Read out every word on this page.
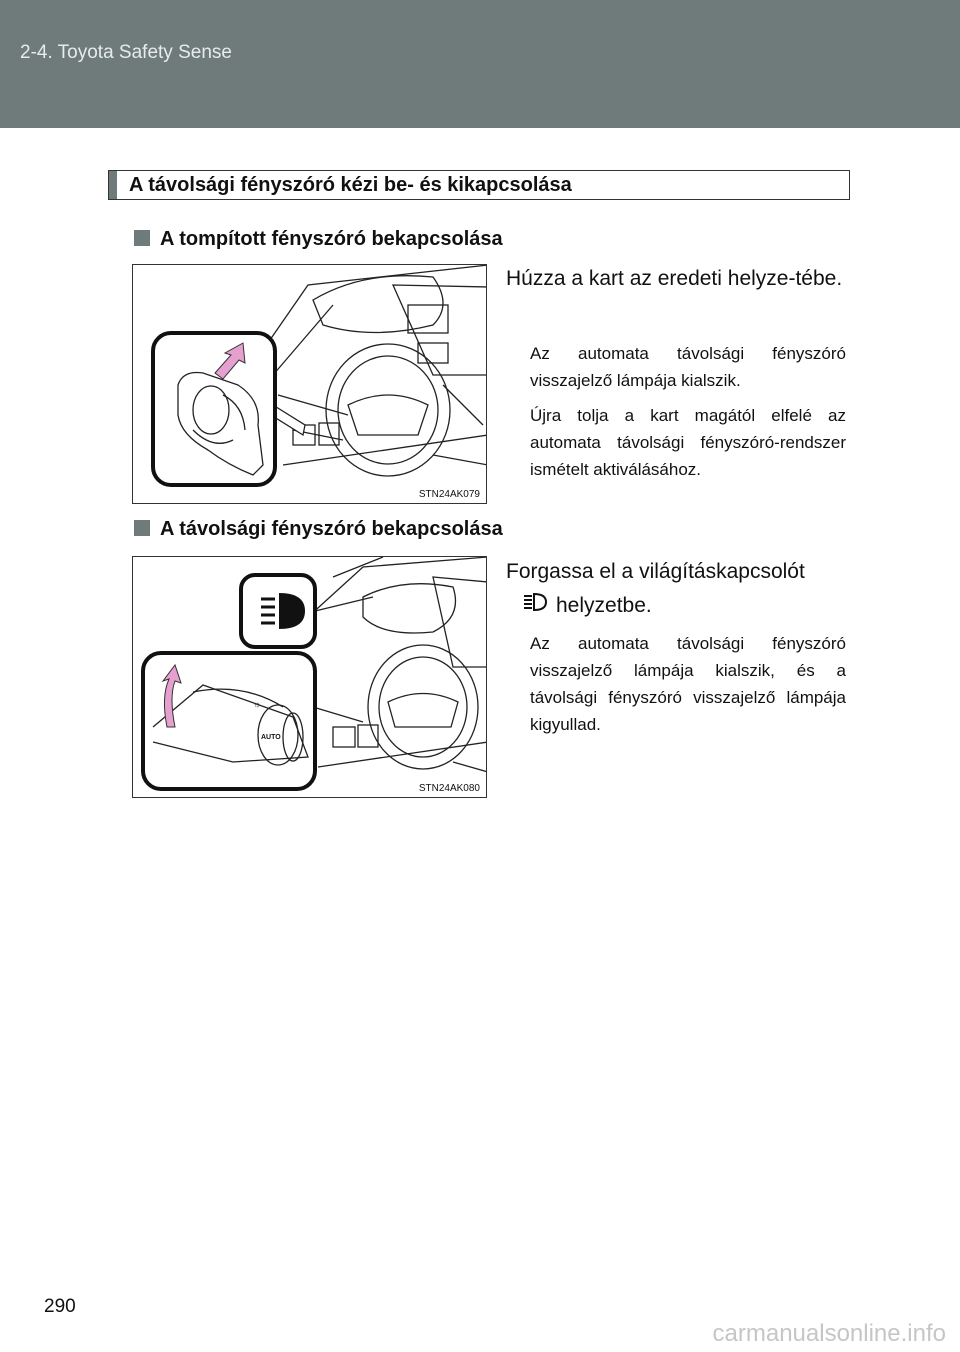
2-4. Toyota Safety Sense
A távolsági fényszóró kézi be- és kikapcsolása
A tompított fényszóró bekapcsolása
STN24AK079
Húzza a kart az eredeti helyze-tébe.
Az automata távolsági fényszóró visszajelző lámpája kialszik.
Újra tolja a kart magától elfelé az automata távolsági fényszóró-rendszer ismételt aktiválásához.
A távolsági fényszóró bekapcsolása
☼
AUTO
STN24AK080
Forgassa el a világításkapcsolót
helyzetbe.
Az automata távolsági fényszóró visszajelző lámpája kialszik, és a távolsági fényszóró visszajelző lámpája kigyullad.
290
carmanualsonline.info
